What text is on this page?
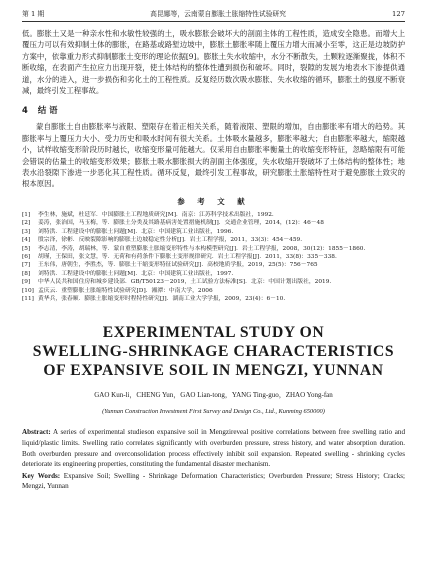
第 1 期	高昆娜等，云南蒙自膨胀土胀缩特性试验研究	127

低。膨胀土又是一种亲水性和水敏性较强的土，吸水膨胀会破坏大的剖面主体的工程性质，造成安全隐患。而增大上覆压力可以有效抑制土体的膨胀，在路基或路堑边坡中，膨胀土膨胀率随上覆压力增大而减小至零，这正是边坡防护方案中，依靠重力形式抑制膨胀土变形的理论依据[9]。膨胀土失水收缩中，水分不断散失，土颗粒逐渐聚拢，体积不断收缩，在表面产生拉应力出现开裂，使土体结构的整体性遭到损伤和破坏。同时，裂隙的发展为地表水下渗提供通道，水分的进入，进一步损伤和劣化土的工程性质。反复经历数次吸水膨胀、失水收缩的循环，膨胀土的强度不断衰减，最终引发工程事故。

4 结 语

蒙自膨胀土自由膨胀率与液限、塑限存在着正相关关系，随着液限、塑限的增加，自由膨胀率有增大的趋势。其膨胀率与上覆压力大小、受力历史和吸水时间有很大关系。土体吸水量越多，膨胀率越大；自由膨胀率越大，缩限越小，试样收缩变形阶段历时越长，收缩变形量可能越大。仅采用自由膨胀率衡量土的收缩变形特征，忽略缩限有可能会错误的估量土的收缩变形效果；膨胀土吸水膨胀损大的剖面主体强度，失水收缩开裂破坏了土体结构的整体性；地表水沿裂隙下渗进一步恶化其工程性质。循环反复，最终引发工程事故，研究膨胀土胀缩特性对于避免膨胀土致灾的根本原因。

参 考 文 献
[1]	李生林，施斌，杜廷军．中国膨胀土工程地质研究[M]．南京：江苏科学技术出版社，1992.
[2]	姜涛，张治国，马玉梅，等．膨胀土分类及其路基病害处置措施机制[J]．交通企业管理，2014，(12)：46－48
[3]	刘特洪．工程建设中的膨胀土问题[M]．北京：中国建筑工业出版社，1996.
[4]	殷宗泽，徐彬．反映裂隙影响的膨胀土边坡稳定性分析[J]．岩土工程学报，2011，33(3)：454－459.
[5]	李志清，李涛，胡瑞林，等．蒙自重塑膨胀土胀缩变形特性与本构模型研究[J]．岩土工程学报，2008，30(12)：1855－1860.
[6]	胡瑾，王保田，张文慧，等．无荷和有荷条件下膨胀土变形规律研究．岩土工程学报[J]．2011，33(8)：335－338.
[7]	王东伟，唐朝生，李胜杰，等．膨胀土干缩变形特征试验研究[J]．高校地质学报，2019，25(5)：756－765
[8]	刘特洪．工程建设中的膨胀土问题[M]．北京：中国建筑工业出版社，1997.
[9]	中华人民共和国住房和城乡建设部．GB/T50123－2019，土工试验方法标准[S]．北京：中国计划出版社，2019.
[10] 孟庆云．重塑膨胀土胀缩特性试验研究[D]．湘潭：中南大学，2006
[11] 黄华兵，张春顺．膨胀土胀缩变形时程特性研究[J]．湖南工业大学学报，2009，23(4)：6－10.
EXPERIMENTAL STUDY ON
SWELLING-SHRINKAGE CHARACTERISTICS
OF EXPANSIVE SOIL IN MENGZI, YUNNAN
GAO Kun-li，CHENG Yun，GAO Lian-tong，YANG Ting-guo，ZHAO Yong-fan
(Yunnan Construction Investment First Survey and Design Co., Ltd., Kunming 650000)

Abstract: A series of experimental studieson expansive soil in Mengzirevеal positive correlations between free swelling ratio and liquid/plastic limits. Swelling ratio correlates significantly with overburden pressure, stress history, and water absorption duration. Both overburden pressure and overconsolidation process effectively inhibit soil expansion. Repeated swelling - shrinking cycles deteriorate its engineering properties, constituting the fundamental disaster mechanism.

Key Words: Expansive Soil; Swelling - Shrinkage Deformation Characteristics; Overburden Pressure; Stress History; Cracks; Mengzi, Yunnan
